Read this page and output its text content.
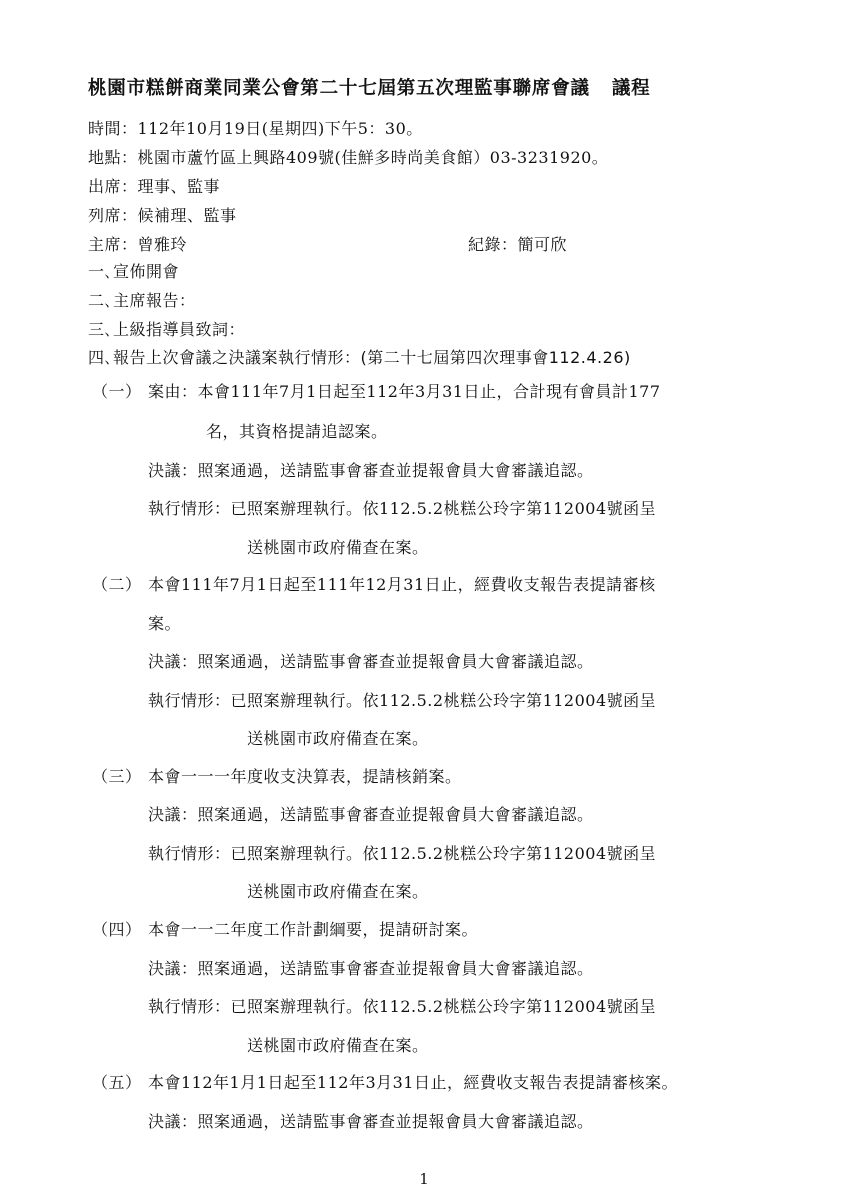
桃園市糕餅商業同業公會第二十七屆第五次理監事聯席會議 議程
時間：112年10月19日(星期四)下午5：30。
地點：桃園市蘆竹區上興路409號(佳鮮多時尚美食館）03-3231920。
出席：理事、監事
列席：候補理、監事
主席：曾雅玲	紀錄：簡可欣
一､宣佈開會
二､主席報告：
三､上級指導員致詞：
四､報告上次會議之決議案執行情形：(第二十七屆第四次理事會112.4.26)
（一） 案由：本會111年7月1日起至112年3月31日止，合計現有會員計177
名，其資格提請追認案。
決議：照案通過，送請監事會審查並提報會員大會審議追認。
執行情形：已照案辦理執行。依112.5.2桃糕公玲字第112004號函呈
送桃園市政府備查在案。
（二） 本會111年7月1日起至111年12月31日止，經費收支報告表提請審核
案。
決議：照案通過，送請監事會審查並提報會員大會審議追認。
執行情形：已照案辦理執行。依112.5.2桃糕公玲字第112004號函呈
送桃園市政府備查在案。
（三） 本會一一一年度收支決算表，提請核銷案。
決議：照案通過，送請監事會審查並提報會員大會審議追認。
執行情形：已照案辦理執行。依112.5.2桃糕公玲字第112004號函呈
送桃園市政府備查在案。
（四） 本會一一二年度工作計劃綱要，提請研討案。
決議：照案通過，送請監事會審查並提報會員大會審議追認。
執行情形：已照案辦理執行。依112.5.2桃糕公玲字第112004號函呈
送桃園市政府備查在案。
（五） 本會112年1月1日起至112年3月31日止，經費收支報告表提請審核案。
決議：照案通過，送請監事會審查並提報會員大會審議追認。
1
